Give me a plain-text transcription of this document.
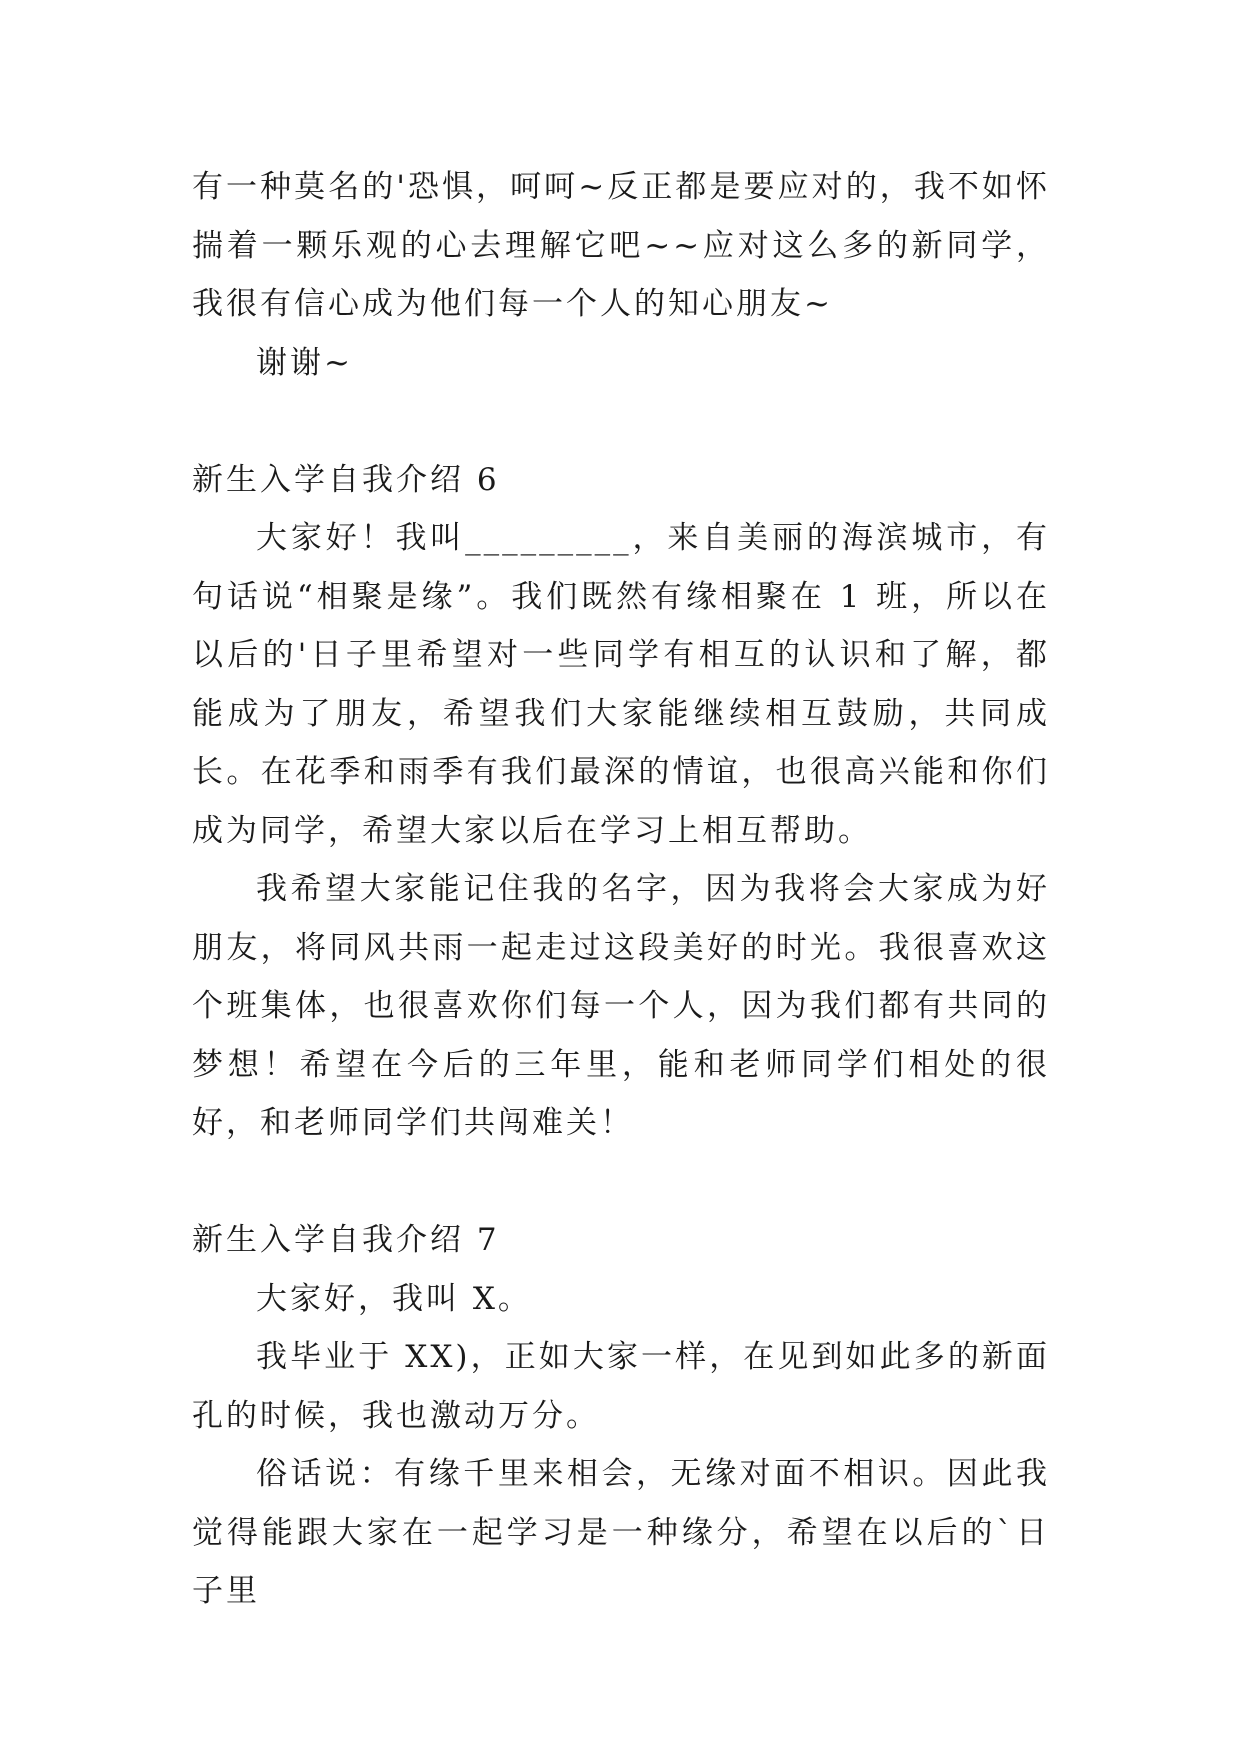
有一种莫名的'恐惧，呵呵~反正都是要应对的，我不如怀揣着一颗乐观的心去理解它吧~~应对这么多的新同学，我很有信心成为他们每一个人的知心朋友~

谢谢~

新生入学自我介绍 6

大家好！我叫_________，来自美丽的海滨城市，有句话说“相聚是缘”。我们既然有缘相聚在 1 班，所以在以后的'日子里希望对一些同学有相互的认识和了解，都能成为了朋友，希望我们大家能继续相互鼓励，共同成长。在花季和雨季有我们最深的情谊，也很高兴能和你们成为同学，希望大家以后在学习上相互帮助。

我希望大家能记住我的名字，因为我将会大家成为好朋友，将同风共雨一起走过这段美好的时光。我很喜欢这个班集体，也很喜欢你们每一个人，因为我们都有共同的梦想！希望在今后的三年里，能和老师同学们相处的很好，和老师同学们共闯难关！

新生入学自我介绍 7

大家好，我叫 X。

我毕业于 XX)，正如大家一样，在见到如此多的新面孔的时候，我也激动万分。

俗话说：有缘千里来相会，无缘对面不相识。因此我觉得能跟大家在一起学习是一种缘分，希望在以后的`日子里
